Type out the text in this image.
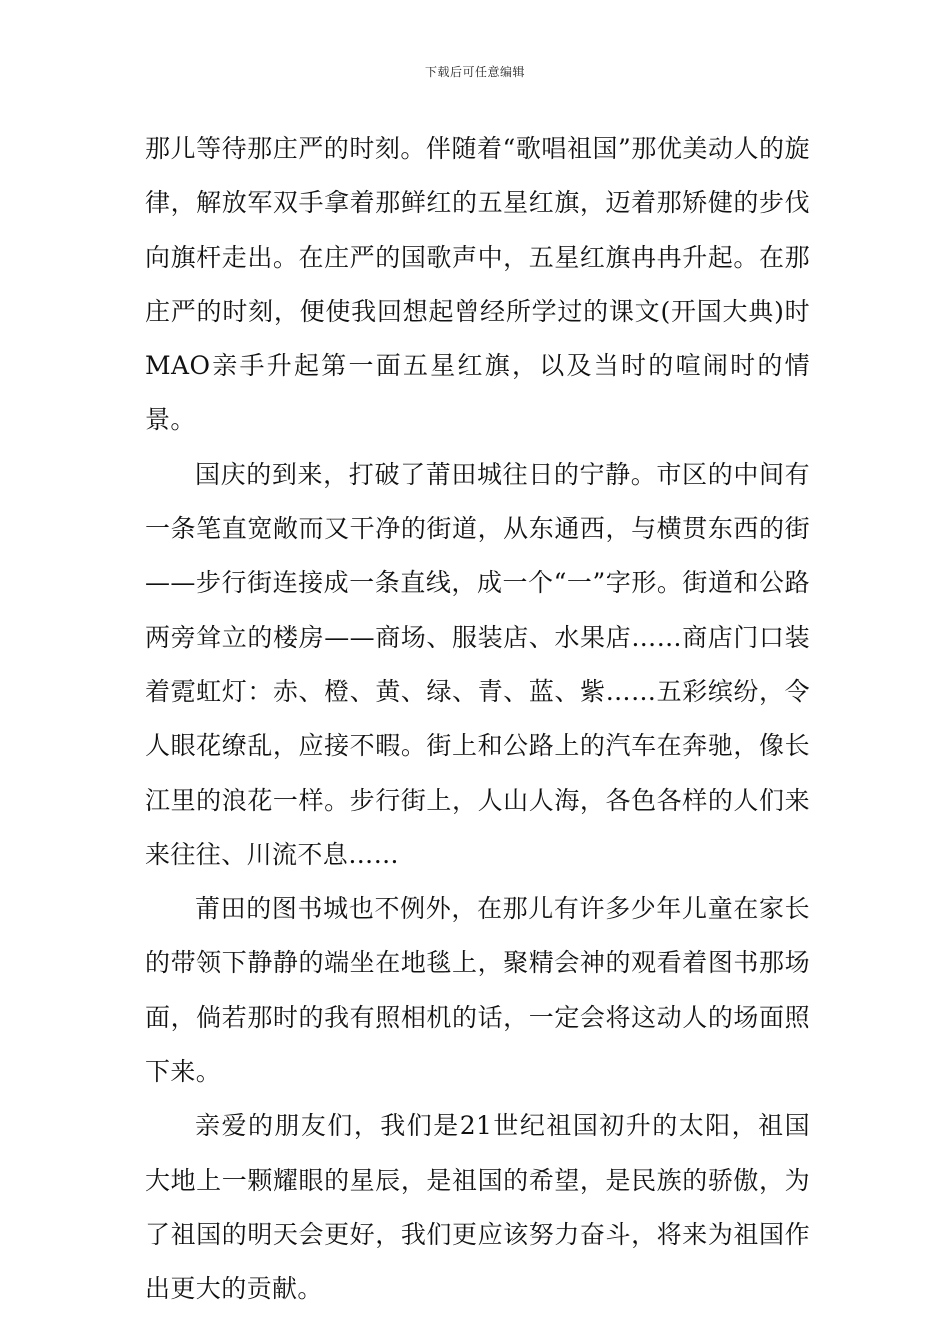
下载后可任意编辑

那儿等待那庄严的时刻。伴随着“歌唱祖国”那优美动人的旋律，解放军双手拿着那鲜红的五星红旗，迈着那矫健的步伐向旗杆走出。在庄严的国歌声中，五星红旗冉冉升起。在那庄严的时刻，便使我回想起曾经所学过的课文(开国大典)时MAO亲手升起第一面五星红旗，以及当时的喧闹时的情景。

国庆的到来，打破了莆田城往日的宁静。市区的中间有一条笔直宽敞而又干净的街道，从东通西，与横贯东西的街——步行街连接成一条直线，成一个“一”字形。街道和公路两旁耸立的楼房——商场、服装店、水果店……商店门口装着霓虹灯：赤、橙、黄、绿、青、蓝、紫……五彩缤纷，令人眼花缭乱，应接不暇。街上和公路上的汽车在奔驰，像长江里的浪花一样。步行街上，人山人海，各色各样的人们来来往往、川流不息……

莆田的图书城也不例外，在那儿有许多少年儿童在家长的带领下静静的端坐在地毯上，聚精会神的观看着图书那场面，倘若那时的我有照相机的话，一定会将这动人的场面照下来。

亲爱的朋友们，我们是21世纪祖国初升的太阳，祖国大地上一颗耀眼的星辰，是祖国的希望，是民族的骄傲，为了祖国的明天会更好，我们更应该努力奋斗，将来为祖国作出更大的贡献。
